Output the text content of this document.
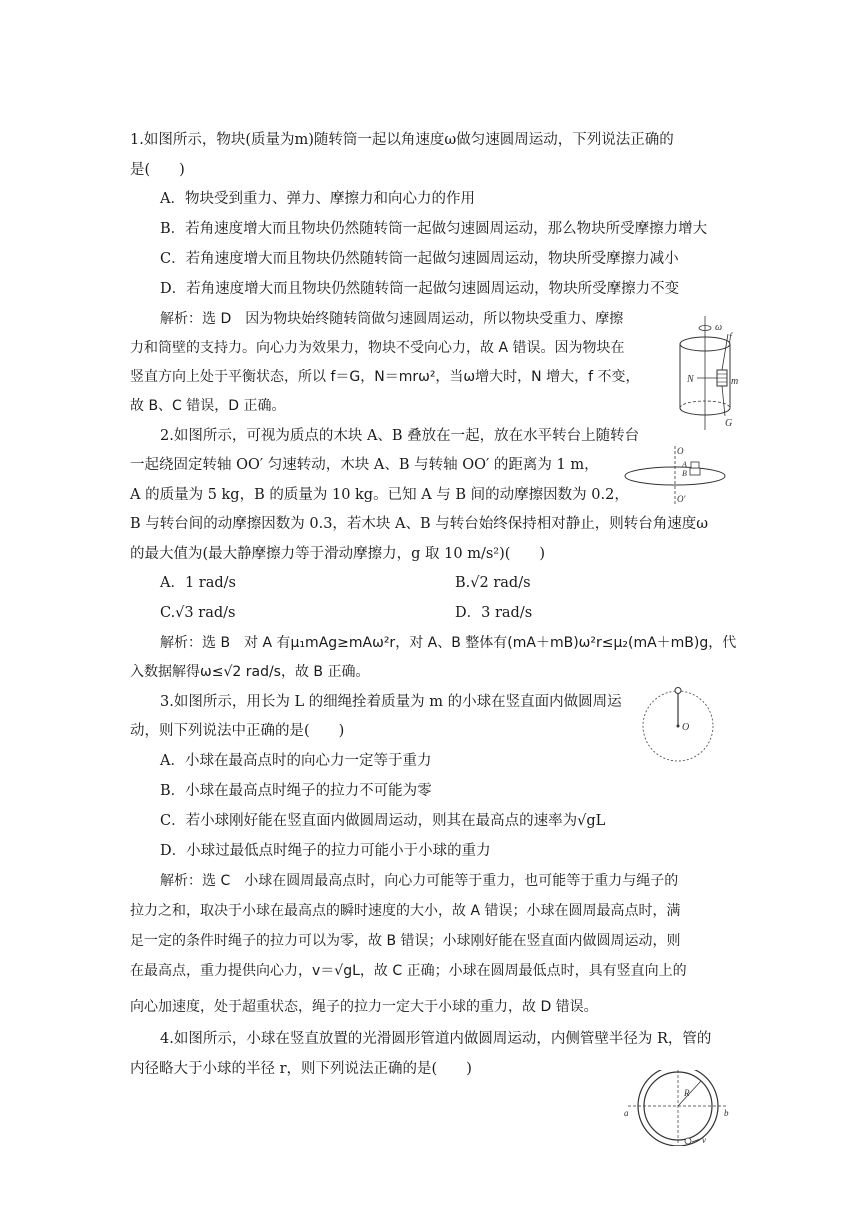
1.如图所示，物块(质量为m)随转筒一起以角速度ω做匀速圆周运动，下列说法正确的
是(　　)
A．物块受到重力、弹力、摩擦力和向心力的作用
B．若角速度增大而且物块仍然随转筒一起做匀速圆周运动，那么物块所受摩擦力增大
C．若角速度增大而且物块仍然随转筒一起做匀速圆周运动，物块所受摩擦力减小
D．若角速度增大而且物块仍然随转筒一起做匀速圆周运动，物块所受摩擦力不变
解析：选 D　因为物块始终随转筒做匀速圆周运动，所以物块受重力、摩擦
力和筒壁的支持力。向心力为效果力，物块不受向心力，故 A 错误。因为物块在
竖直方向上处于平衡状态，所以 f＝G，N＝mrω²，当ω增大时，N 增大，f 不变，
故 B、C 错误，D 正确。
2.如图所示，可视为质点的木块 A、B 叠放在一起，放在水平转台上随转台
一起绕固定转轴 OO′ 匀速转动，木块 A、B 与转轴 OO′ 的距离为 1 m，
A 的质量为 5 kg，B 的质量为 10 kg。已知 A 与 B 间的动摩擦因数为 0.2，
B 与转台间的动摩擦因数为 0.3，若木块 A、B 与转台始终保持相对静止，则转台角速度ω
的最大值为(最大静摩擦力等于滑动摩擦力，g 取 10 m/s²)(　　)
A．1 rad/s	B.√2 rad/s
C.√3 rad/s	D．3 rad/s
解析：选 B　对 A 有μ₁mAg≥mAω²r，对 A、B 整体有(mA＋mB)ω²r≤μ₂(mA＋mB)g，代
入数据解得ω≤√2 rad/s，故 B 正确。
3.如图所示，用长为 L 的细绳拴着质量为 m 的小球在竖直面内做圆周运
动，则下列说法中正确的是(　　)
A．小球在最高点时的向心力一定等于重力
B．小球在最高点时绳子的拉力不可能为零
C．若小球刚好能在竖直面内做圆周运动，则其在最高点的速率为√gL
D．小球过最低点时绳子的拉力可能小于小球的重力
解析：选 C　小球在圆周最高点时，向心力可能等于重力，也可能等于重力与绳子的
拉力之和，取决于小球在最高点的瞬时速度的大小，故 A 错误；小球在圆周最高点时，满
足一定的条件时绳子的拉力可以为零，故 B 错误；小球刚好能在竖直面内做圆周运动，则
在最高点，重力提供向心力，v＝√gL，故 C 正确；小球在圆周最低点时，具有竖直向上的
向心加速度，处于超重状态，绳子的拉力一定大于小球的重力，故 D 错误。
4.如图所示，小球在竖直放置的光滑圆形管道内做圆周运动，内侧管壁半径为 R，管的
内径略大于小球的半径 r，则下列说法正确的是(　　)
ω
f
N	m
G
O
A
B
O′
O
R
a	b
v
